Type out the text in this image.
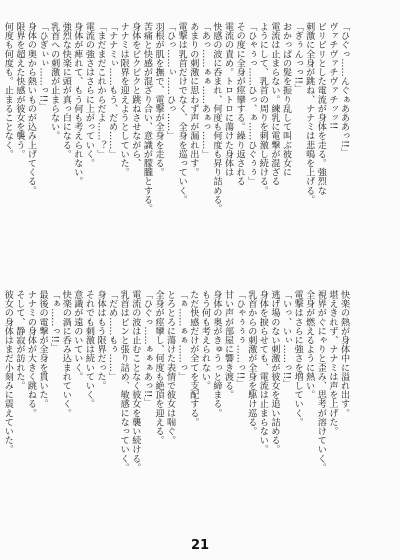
「ひぐっ……んぐぁあああっ!!」
ヴァチヴァチヴァチッッ!!
ビリビリとした電流が身体を走る。強烈な
刺激に全身が跳ね、ナナミは悲鳴を上げる。
「ぎぅんっっ!!」
おかっぱの髪を振り乱して叫ぶ彼女に
電流は止まらない。練乳に電撃が混ざる
ようにして、乳首の周りを刺激し続ける。
「ひゃぅっ……ひっ、ぁ……ひぐぅぅ」
その度に全身が痙攣する。繰り返される
電流の責め。トロトロに蕩けた身体は
快感の波に呑まれ、何度も何度も昇り詰める。
「あっ……ぁぁ……あぁっ……」
あまりの刺激に思わず声が漏れ出す。
電撃は乳首だけでなく、全身を巡っていく。
「ひっ……ぃ……ひっ……」
羽根が肌を撫で、電撃が全身を走る。
苦痛と快感が混ざり合い、意識が朦朧とする。
身体をビクビクと跳ねさせながら、
ナナミは限界を迎えようとしていた。
「ナナミぃ……もう、だめ……」
「まだまだこれからだよ……？」
電流の強さはさらに上がっていく。
身体が痺れて、もう何も考えられない。
強烈な快楽に頭が真っ白になる。
乳首への刺激が止まらない。
「ひぎぃぃ……っ!!」
身体の奥から熱いものが込み上げてくる。
限界を超えた快感が彼女を襲う。
何度も何度も。止まることなく。
快楽の熱が身体中に溢れ出す。
堪えきれず、ナナミは声を上げた。
視界がぐにゃりと歪み、思考が溶けていく。
全身が燃えるように熱い。
電撃はさらに強さを増していく。
「いっ、いぃ……っ!!」
逃げ場のない刺激が彼女を追い詰める。
身体を捩らせても、電流は止まらない。
乳首からの刺激が全身を駆け巡る。
「ひゃぅぅぅ……っ!!」
甘い声が部屋に響き渡る。
身体の奥がきゅうっと締まる。
もう何も考えられない。
ただ快感だけが全てを支配する。
「ぁ……ぁぁ……っ」
とろとろに蕩けた表情で彼女は喘ぐ。
全身が痙攣し、何度も絶頂を迎える。
「ひぐっ……ぁぁぁあっ!!」
電流の波は止むことなく彼女を襲い続ける。
乳首はピンと張り詰め、敏感になっていく。
「だめ……もぅ……」
身体はもう限界だった。
それでも刺激は続いていく。
意識が遠のいていく。
快楽の渦に呑み込まれていく。
「ぁ……っ!!」
最後の電撃が全身を貫いた。
ナナミの身体が大きく跳ねる。
そして、静寂が訪れた。
彼女の身体はまだ小刻みに震えていた。
21
